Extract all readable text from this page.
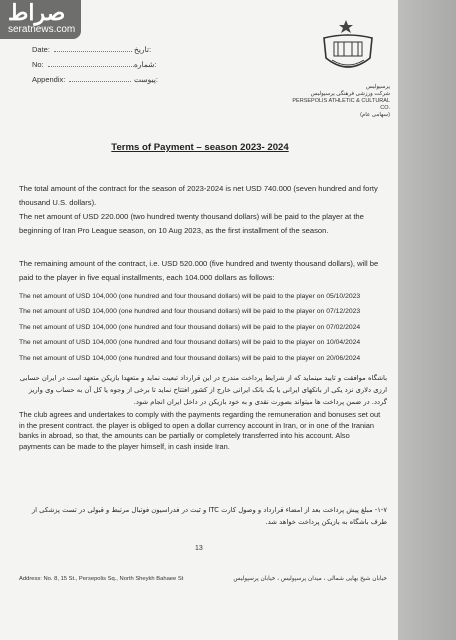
صراط
seratnews.com
Date:	تاریخ:
No:	شماره:
Appendix:	پیوست:
پرسپولیس
شرکت ورزشی فرهنگی پرسپولیس
PERSEPOLIS ATHLETIC & CULTURAL CO.
(سهامی عام)
Terms of Payment – season 2023- 2024
The total amount of the contract for the season of 2023-2024 is net USD 740.000 (seven hundred and forty thousand U.S. dollars).
The net amount of USD 220.000 (two hundred twenty thousand dollars) will be paid to the player at the beginning of Iran Pro League season, on 10 Aug 2023, as the first installment of the season.
The remaining amount of the contract, i.e. USD 520.000 (five hundred and twenty thousand dollars), will be paid to the player in five equal installments, each 104.000 dollars as follows:
The net amount of USD 104,000 (one hundred and four thousand dollars) will be paid to the player on 05/10/2023
The net amount of USD 104,000 (one hundred and four thousand dollars) will be paid to the player on 07/12/2023
The net amount of USD 104,000 (one hundred and four thousand dollars) will be paid to the player on 07/02/2024
The net amount of USD 104,000 (one hundred and four thousand dollars) will be paid to the player on 10/04/2024
The net amount of USD 104,000 (one hundred and four thousand dollars) will be paid to the player on 20/06/2024
باشگاه موافقت و تایید مینماید که از شرایط پرداخت مندرج در این قرارداد تبعیت نماید و متعهدا بازیکن متعهد است در ایران حسابی ارزی دلاری نزد یکی از بانکهای ایرانی یا یک بانک ایرانی خارج از کشور افتتاح نماید تا برخی از وجوه یا کل آن به حساب وی واریز گردد. در ضمن پرداخت ها میتواند بصورت نقدی و به خود بازیکن در داخل ایران انجام شود.
The club agrees and undertakes to comply with the payments regarding the remuneration and bonuses set out in the present contract. the player is obliged to open a dollar currency account in Iran, or in one of the Iranian banks in abroad, so that, the amounts can be partially or completely transferred into his account. Also payments can be made to the player himself, in cash inside Iran.
۱-۷- مبلغ پیش پرداخت بعد از امضاء قرارداد و وصول کارت ITC و ثبت در فدراسیون فوتبال مرتبط و قبولی در تست پزشکی از طرف باشگاه به بازیکن پرداخت خواهد شد.
13
Address: No. 8, 15 St., Persepolis Sq., North Sheykh Bahaee St	خیابان شیخ بهایی شمالی ، میدان پرسپولیس ، خیابان پرسپولیس
